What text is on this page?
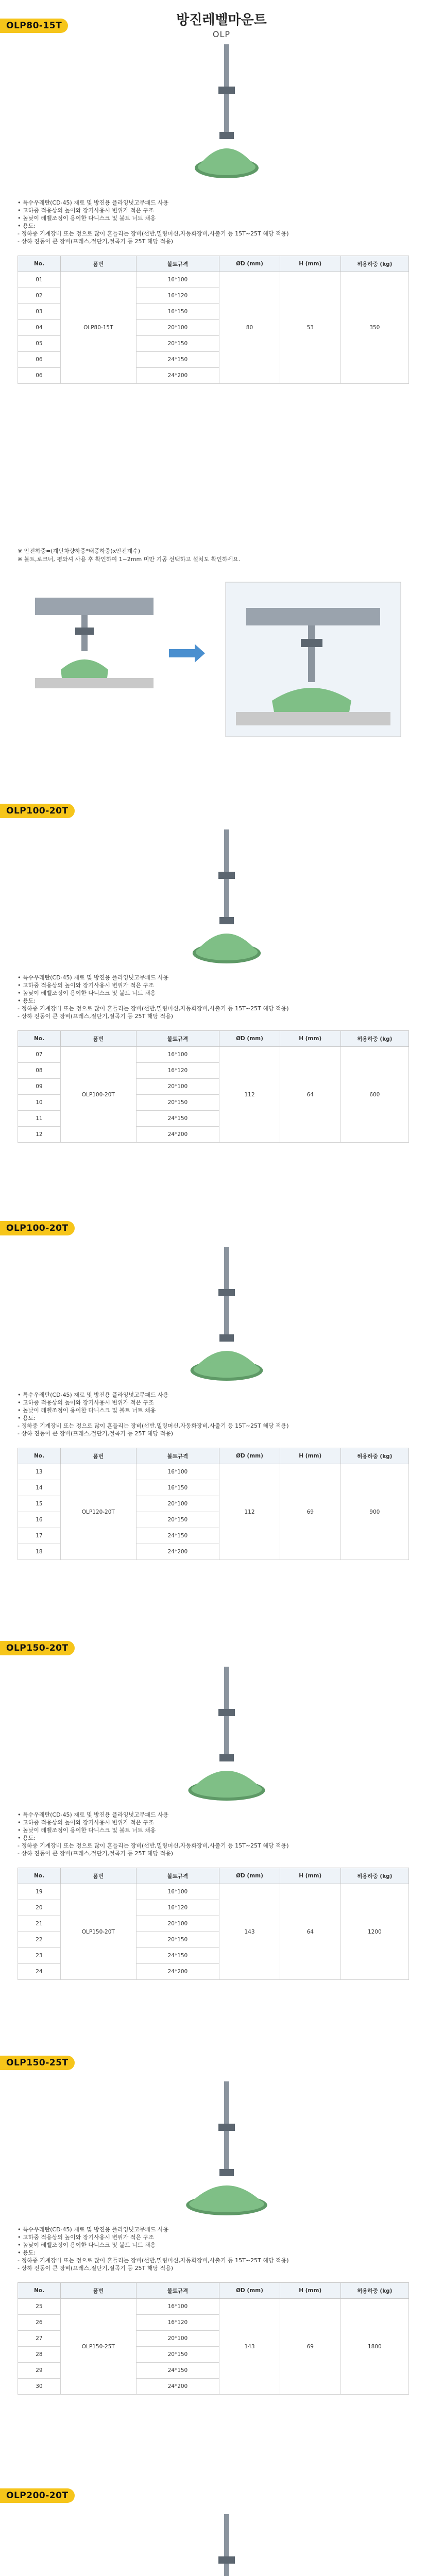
방진레벨마운트
OLP
OLP80-15T
• 특수우레탄(CD-45) 재료 및 방진용 플라잉넛고무패드 사용
• 고하중 적용상의 높이와 장기사용시 변위가 적은 구조
• 높낮이 레벨조정이 용이한 다니스크 및 볼트 너트 채용
• 용도:
- 정하중 기계장비 또는 정으로 많이 흔들리는 장비(선반,밀링머신,자동화장비,사출기 등 15T~25T 해당 적용)
- 상하 진동이 큰 장비(프레스,절단기,절곡기 등 25T 해당 적용)
No.	품번	볼트규격	ØD (mm)	H (mm)	허용하중 (kg)
01	OLP80-15T	16*100	80	53	350
02		16*120			
03		16*150			
04		20*100			
05		20*150			
06		24*150			
06		24*200			
OLP100-20T
• 특수우레탄(CD-45) 재료 및 방진용 플라잉넛고무패드 사용
• 고하중 적용상의 높이와 장기사용시 변위가 적은 구조
• 높낮이 레벨조정이 용이한 다니스크 및 볼트 너트 채용
• 용도:
- 정하중 기계장비 또는 정으로 많이 흔들리는 장비(선반,밀링머신,자동화장비,사출기 등 15T~25T 해당 적용)
- 상하 진동이 큰 장비(프레스,절단기,절곡기 등 25T 해당 적용)
No.	품번	볼트규격	ØD (mm)	H (mm)	허용하중 (kg)
07	OLP100-20T	16*100	112	64	600
08		16*120			
09		20*100			
10		20*150			
11		24*150			
12		24*200			
OLP100-20T
• 특수우레탄(CD-45) 재료 및 방진용 플라잉넛고무패드 사용
• 고하중 적용상의 높이와 장기사용시 변위가 적은 구조
• 높낮이 레벨조정이 용이한 다니스크 및 볼트 너트 채용
• 용도:
- 정하중 기계장비 또는 정으로 많이 흔들리는 장비(선반,밀링머신,자동화장비,사출기 등 15T~25T 해당 적용)
- 상하 진동이 큰 장비(프레스,절단기,절곡기 등 25T 해당 적용)
No.	품번	볼트규격	ØD (mm)	H (mm)	허용하중 (kg)
13	OLP120-20T	16*100	112	69	900
14		16*150			
15		20*100			
16		20*150			
17		24*150			
18		24*200			
OLP150-20T
• 특수우레탄(CD-45) 재료 및 방진용 플라잉넛고무패드 사용
• 고하중 적용상의 높이와 장기사용시 변위가 적은 구조
• 높낮이 레벨조정이 용이한 다니스크 및 볼트 너트 채용
• 용도:
- 정하중 기계장비 또는 정으로 많이 흔들리는 장비(선반,밀링머신,자동화장비,사출기 등 15T~25T 해당 적용)
- 상하 진동이 큰 장비(프레스,절단기,절곡기 등 25T 해당 적용)
No.	품번	볼트규격	ØD (mm)	H (mm)	허용하중 (kg)
19	OLP150-20T	16*100	143	64	1200
20		16*120			
21		20*100			
22		20*150			
23		24*150			
24		24*200			
OLP150-25T
• 특수우레탄(CD-45) 재료 및 방진용 플라잉넛고무패드 사용
• 고하중 적용상의 높이와 장기사용시 변위가 적은 구조
• 높낮이 레벨조정이 용이한 다니스크 및 볼트 너트 채용
• 용도:
- 정하중 기계장비 또는 정으로 많이 흔들리는 장비(선반,밀링머신,자동화장비,사출기 등 15T~25T 해당 적용)
- 상하 진동이 큰 장비(프레스,절단기,절곡기 등 25T 해당 적용)
No.	품번	볼트규격	ØD (mm)	H (mm)	허용하중 (kg)
25	OLP150-25T	16*100	143	69	1800
26		16*120			
27		20*100			
28		20*150			
29		24*150			
30		24*200			
OLP200-20T

※ 안전하중=(계단차량하중*태풍하중)x안전계수)
※ 볼트,로크너, 평와셔 사용 후 확인하여 1~2mm 미만 기공 선택하고 설치도 확인하세요.
